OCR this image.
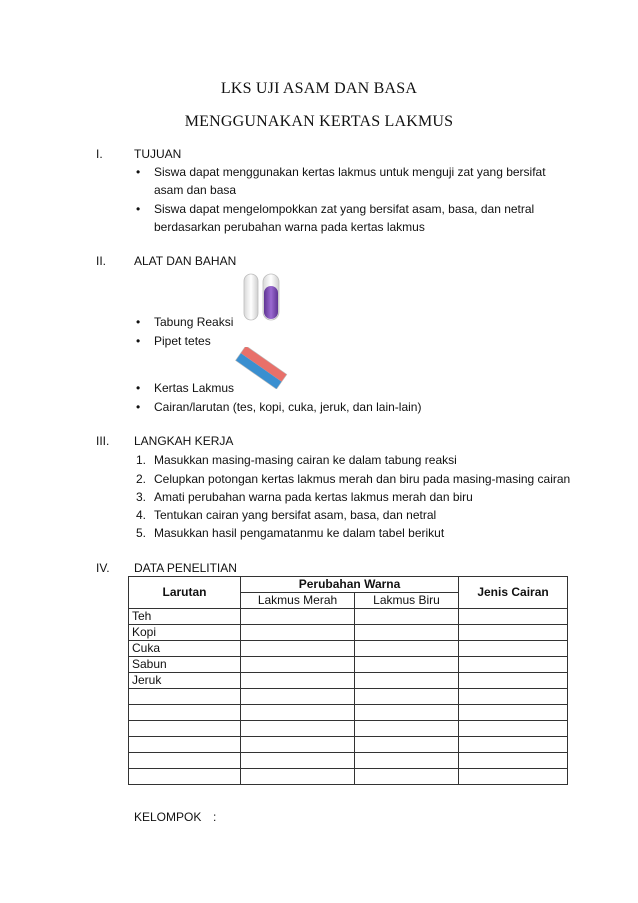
LKS UJI ASAM DAN BASA
MENGGUNAKAN KERTAS LAKMUS
I.	TUJUAN
• Siswa dapat menggunakan kertas lakmus untuk menguji zat yang bersifat
asam dan basa
• Siswa dapat mengelompokkan zat yang bersifat asam, basa, dan netral
berdasarkan perubahan warna pada kertas lakmus
II. ALAT DAN BAHAN
• Tabung Reaksi
• Pipet tetes
• Kertas Lakmus
• Cairan/larutan (tes, kopi, cuka, jeruk, dan lain-lain)
III. LANGKAH KERJA
1. Masukkan masing-masing cairan ke dalam tabung reaksi
2. Celupkan potongan kertas lakmus merah dan biru pada masing-masing cairan
3. Amati perubahan warna pada kertas lakmus merah dan biru
4. Tentukan cairan yang bersifat asam, basa, dan netral
5. Masukkan hasil pengamatanmu ke dalam tabel berikut
IV. DATA PENELITIAN
Larutan	Perubahan Warna		Jenis Cairan
	Lakmus Merah	Lakmus Biru	
Teh			
Kopi			
Cuka			
Sabun			
Jeruk			

KELOMPOK :
